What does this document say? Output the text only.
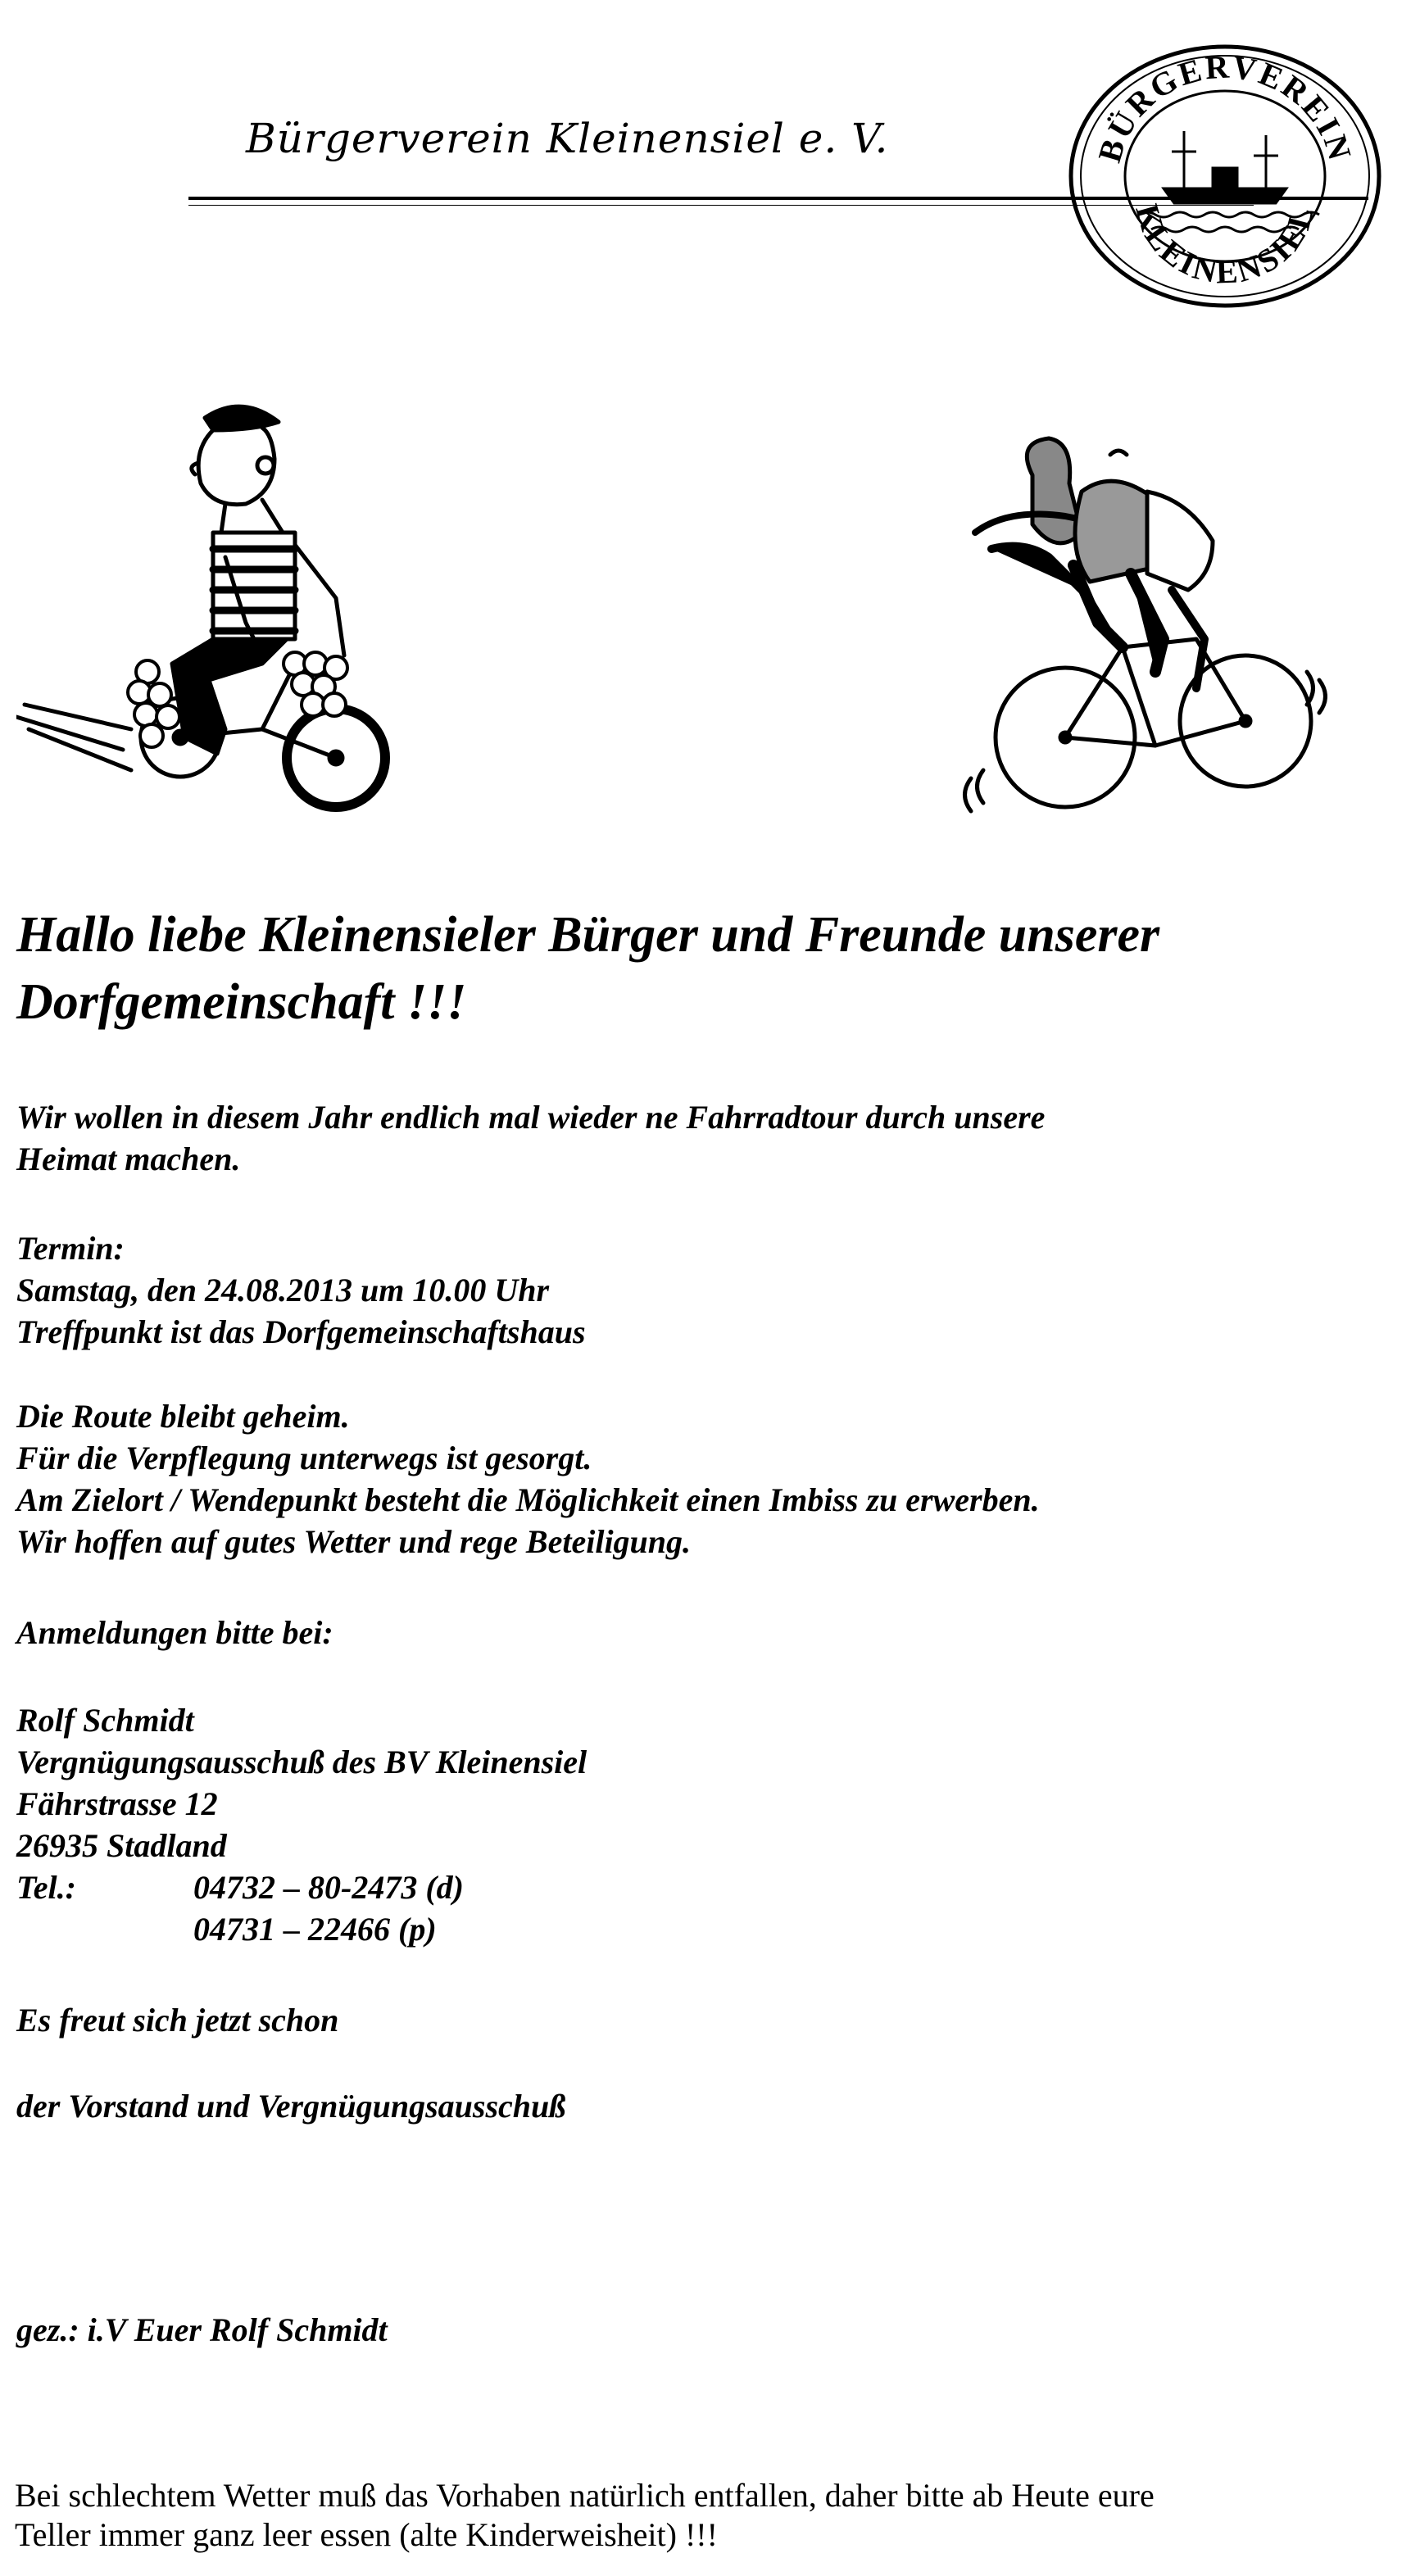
Bürgerverein Kleinensiel e. V.	BÜRGERVEREIN
KLEINENSIEL
Hallo liebe Kleinensieler Bürger und Freunde unserer
Dorfgemeinschaft !!!
Wir wollen in diesem Jahr endlich mal wieder ne Fahrradtour durch unsere
Heimat machen.
Termin:
Samstag, den 24.08.2013 um 10.00 Uhr
Treffpunkt ist das Dorfgemeinschaftshaus
Die Route bleibt geheim.
Für die Verpflegung unterwegs ist gesorgt.
Am Zielort / Wendepunkt besteht die Möglichkeit einen Imbiss zu erwerben.
Wir hoffen auf gutes Wetter und rege Beteiligung.
Anmeldungen bitte bei:
Rolf Schmidt
Vergnügungsausschuß des BV Kleinensiel
Fährstrasse 12
26935 Stadland
Tel.:	04732 – 80-2473 (d)
04731 – 22466 (p)
Es freut sich jetzt schon
der Vorstand und Vergnügungsausschuß
gez.: i.V Euer Rolf Schmidt
Bei schlechtem Wetter muß das Vorhaben natürlich entfallen, daher bitte ab Heute eure
Teller immer ganz leer essen (alte Kinderweisheit) !!!
